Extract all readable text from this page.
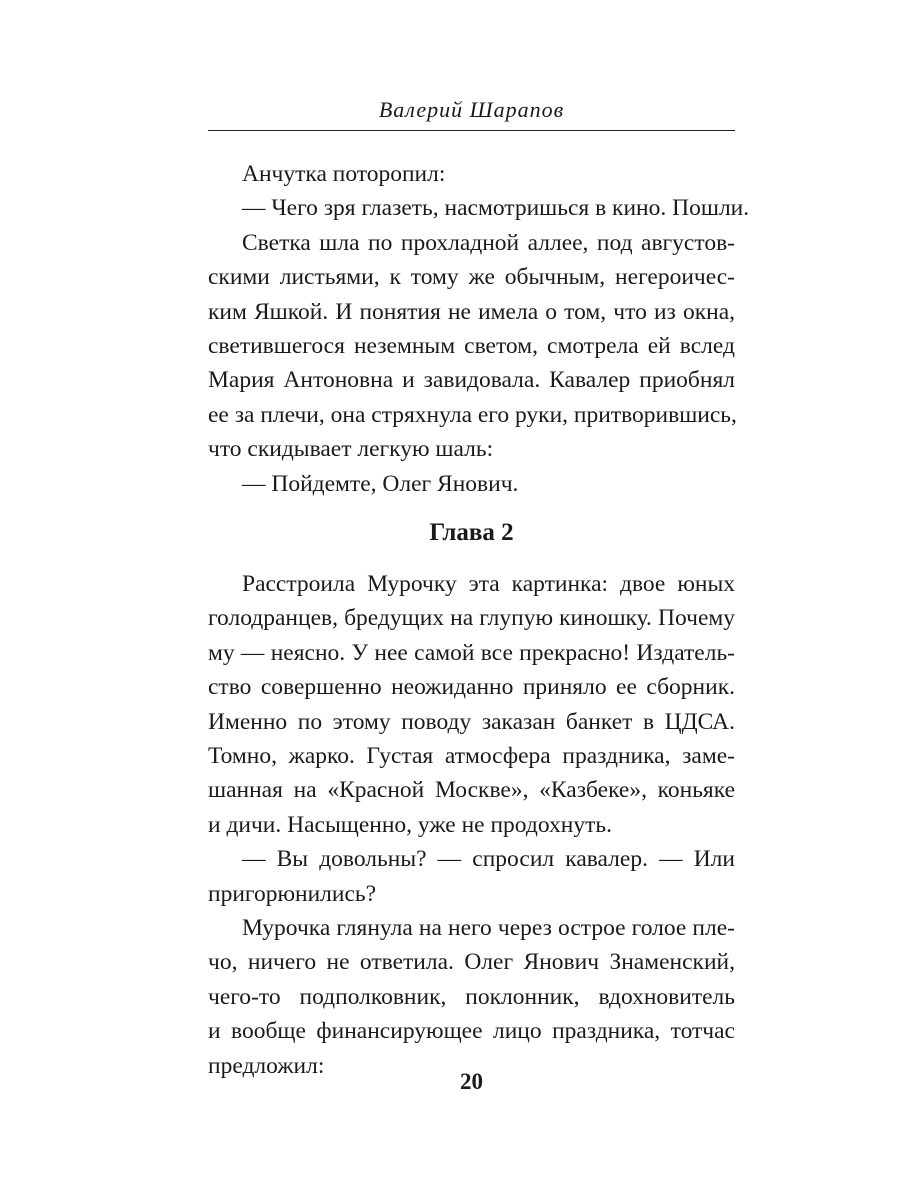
Валерий Шарапов
Анчутка поторопил:
— Чего зря глазеть, насмотришься в кино. Пошли.
Светка шла по прохладной аллее, под августов-
скими листьями, к тому же обычным, негероичес-
ким Яшкой. И понятия не имела о том, что из окна,
светившегося неземным светом, смотрела ей вслед
Мария Антоновна и завидовала. Кавалер приобнял
ее за плечи, она стряхнула его руки, притворившись,
что скидывает легкую шаль:
— Пойдемте, Олег Янович.
Глава 2
Расстроила Мурочку эта картинка: двое юных
голодранцев, бредущих на глупую киношку. Почему
му — неясно. У нее самой все прекрасно! Издатель-
ство совершенно неожиданно приняло ее сборник.
Именно по этому поводу заказан банкет в ЦДСА.
Томно, жарко. Густая атмосфера праздника, заме-
шанная на «Красной Москве», «Казбеке», коньяке
и дичи. Насыщенно, уже не продохнуть.
— Вы довольны? — спросил кавалер. — Или
пригорюнились?
Мурочка глянула на него через острое голое пле-
чо, ничего не ответила. Олег Янович Знаменский,
чего-то подполковник, поклонник, вдохновитель
и вообще финансирующее лицо праздника, тотчас
предложил:
20
